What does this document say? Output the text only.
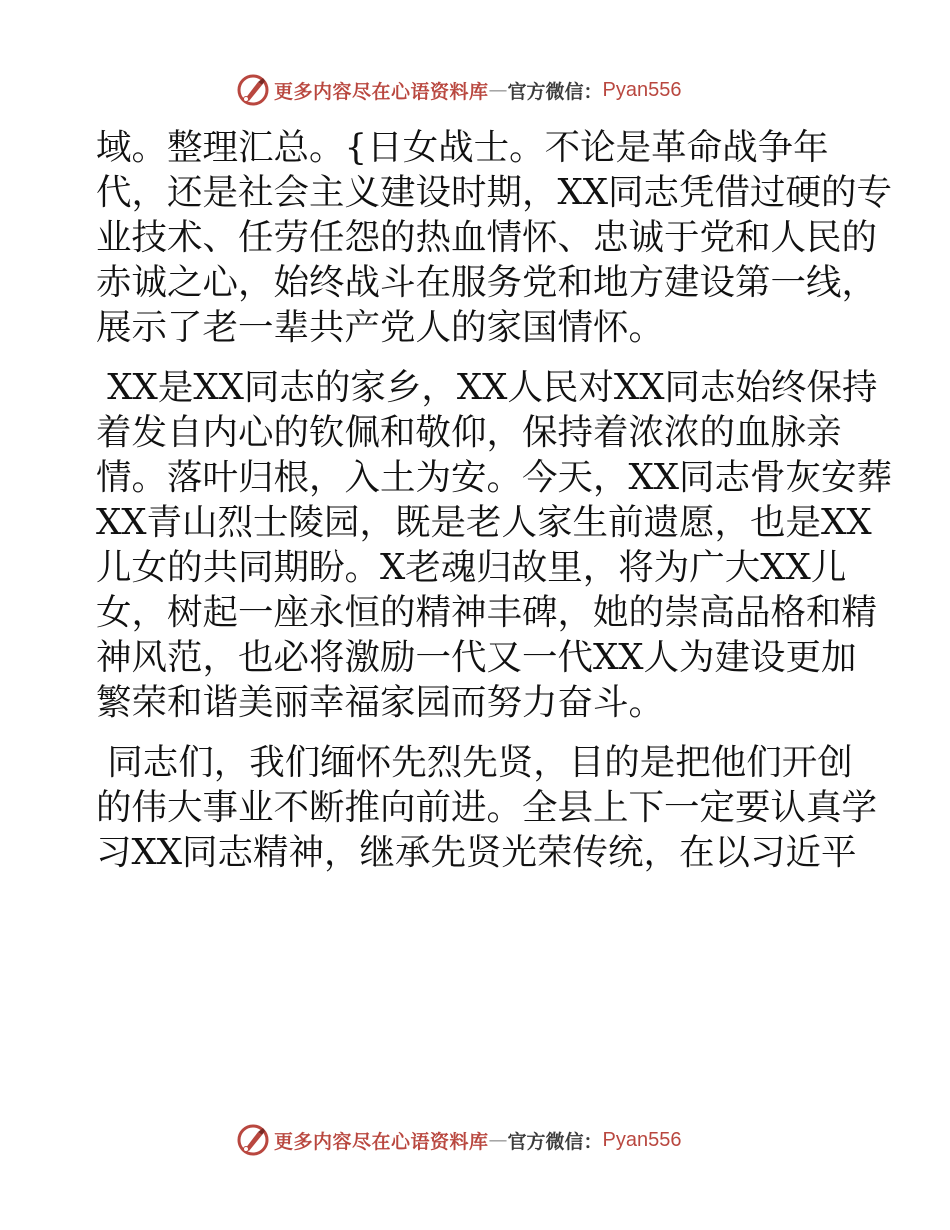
更多内容尽在心语资料库 — 官方微信： Pyan556
域。整理汇总。{日女战士。不论是革命战争年
代，还是社会主义建设时期，XX同志凭借过硬的专
业技术、任劳任怨的热血情怀、忠诚于党和人民的
赤诚之心，始终战斗在服务党和地方建设第一线，
展示了老一辈共产党人的家国情怀。
XX是XX同志的家乡，XX人民对XX同志始终保持
着发自内心的钦佩和敬仰，保持着浓浓的血脉亲
情。落叶归根，入土为安。今天，XX同志骨灰安葬
XX青山烈士陵园，既是老人家生前遗愿，也是XX
儿女的共同期盼。X老魂归故里，将为广大XX儿
女，树起一座永恒的精神丰碑，她的崇高品格和精
神风范，也必将激励一代又一代XX人为建设更加
繁荣和谐美丽幸福家园而努力奋斗。
同志们，我们缅怀先烈先贤，目的是把他们开创
的伟大事业不断推向前进。全县上下一定要认真学
习XX同志精神，继承先贤光荣传统，在以习近平
更多内容尽在心语资料库 — 官方微信： Pyan556
